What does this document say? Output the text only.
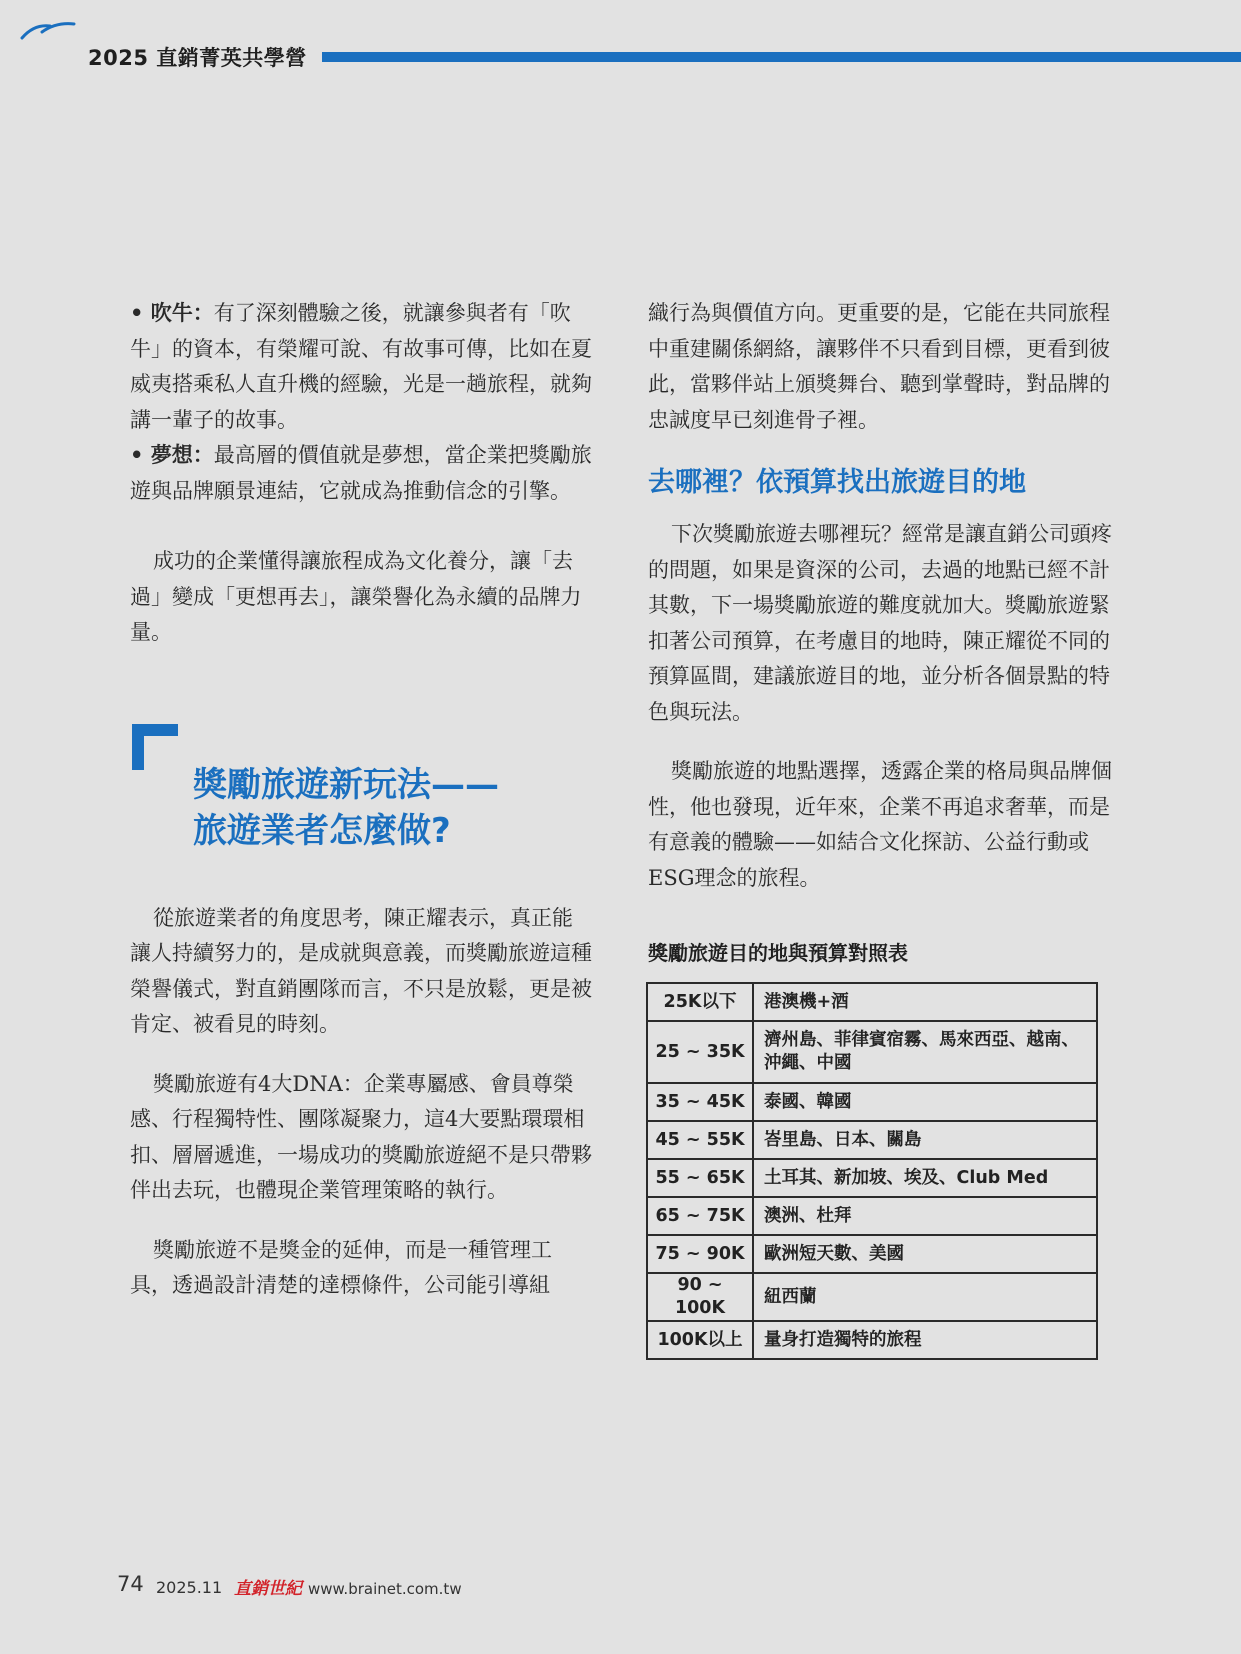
2025 直銷菁英共學營

• 吹牛：有了深刻體驗之後，就讓參與者有「吹牛」的資本，有榮耀可說、有故事可傳，比如在夏威夷搭乘私人直升機的經驗，光是一趟旅程，就夠講一輩子的故事。

• 夢想：最高層的價值就是夢想，當企業把獎勵旅遊與品牌願景連結，它就成為推動信念的引擎。

成功的企業懂得讓旅程成為文化養分，讓「去過」變成「更想再去」，讓榮譽化為永續的品牌力量。

從旅遊業者的角度思考，陳正耀表示，真正能讓人持續努力的，是成就與意義，而獎勵旅遊這種榮譽儀式，對直銷團隊而言，不只是放鬆，更是被肯定、被看見的時刻。

獎勵旅遊有4大DNA：企業專屬感、會員尊榮感、行程獨特性、團隊凝聚力，這4大要點環環相扣、層層遞進，一場成功的獎勵旅遊絕不是只帶夥伴出去玩，也體現企業管理策略的執行。

獎勵旅遊不是獎金的延伸，而是一種管理工具，透過設計清楚的達標條件，公司能引導組

獎勵旅遊新玩法——
旅遊業者怎麼做?

織行為與價值方向。更重要的是，它能在共同旅程中重建關係網絡，讓夥伴不只看到目標，更看到彼此，當夥伴站上頒獎舞台、聽到掌聲時，對品牌的忠誠度早已刻進骨子裡。

去哪裡？依預算找出旅遊目的地

下次獎勵旅遊去哪裡玩？經常是讓直銷公司頭疼的問題，如果是資深的公司，去過的地點已經不計其數，下一場獎勵旅遊的難度就加大。獎勵旅遊緊扣著公司預算，在考慮目的地時，陳正耀從不同的預算區間，建議旅遊目的地，並分析各個景點的特色與玩法。

獎勵旅遊的地點選擇，透露企業的格局與品牌個性，他也發現，近年來，企業不再追求奢華，而是有意義的體驗——如結合文化探訪、公益行動或ESG理念的旅程。

獎勵旅遊目的地與預算對照表
25K以下	港澳機+酒
25 ~ 35K	濟州島、菲律賓宿霧、馬來西亞、越南、沖繩、中國
35 ~ 45K	泰國、韓國
45 ~ 55K	峇里島、日本、關島
55 ~ 65K	土耳其、新加坡、埃及、Club Med
65 ~ 75K	澳洲、杜拜
75 ~ 90K	歐洲短天數、美國
90 ~ 100K	紐西蘭
100K以上	量身打造獨特的旅程
74 2025.11 直銷世紀 www.brainet.com.tw
